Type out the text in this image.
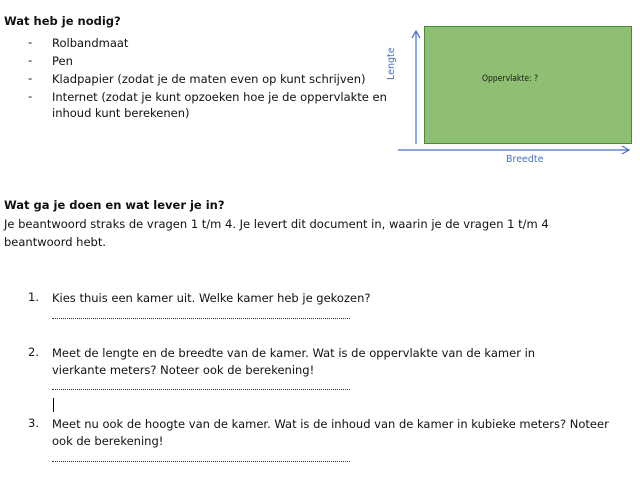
Wat heb je nodig?
- Rolbandmaat
- Pen
- Kladpapier (zodat je de maten even op kunt schrijven)
- Internet (zodat je kunt opzoeken hoe je de oppervlakte en inhoud kunt berekenen)
Oppervlakte: ?
Lengte
Breedte
Wat ga je doen en wat lever je in?
Je beantwoord straks de vragen 1 t/m 4. Je levert dit document in, waarin je de vragen 1 t/m 4 beantwoord hebt.
1. Kies thuis een kamer uit. Welke kamer heb je gekozen?
2. Meet de lengte en de breedte van de kamer. Wat is de oppervlakte van de kamer in vierkante meters? Noteer ook de berekening!
3. Meet nu ook de hoogte van de kamer. Wat is de inhoud van de kamer in kubieke meters? Noteer ook de berekening!
